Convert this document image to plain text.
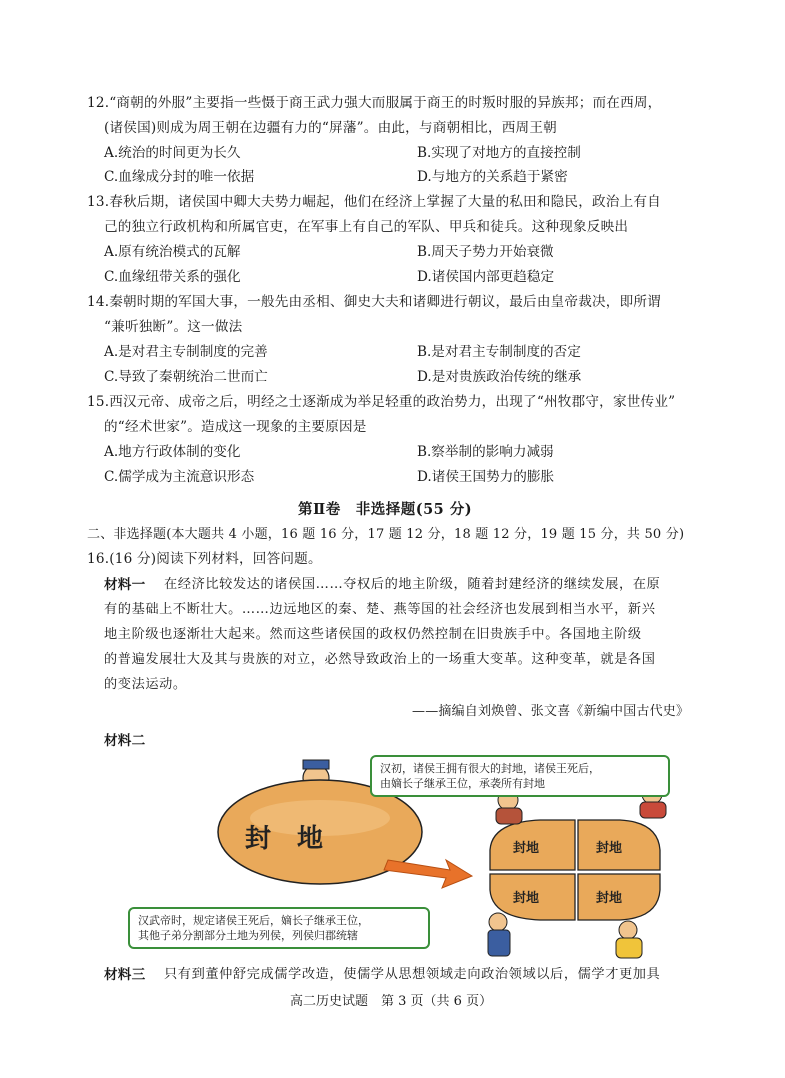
12.“商朝的外服”主要指一些慑于商王武力强大而服属于商王的时叛时服的异族邦；而在西周，
(诸侯国)则成为周王朝在边疆有力的“屏藩”。由此，与商朝相比，西周王朝
A.统治的时间更为长久	B.实现了对地方的直接控制
C.血缘成分封的唯一依据	D.与地方的关系趋于紧密
13.春秋后期，诸侯国中卿大夫势力崛起，他们在经济上掌握了大量的私田和隐民，政治上有自
己的独立行政机构和所属官吏，在军事上有自己的军队、甲兵和徒兵。这种现象反映出
A.原有统治模式的瓦解	B.周天子势力开始衰微
C.血缘纽带关系的强化	D.诸侯国内部更趋稳定
14.秦朝时期的军国大事，一般先由丞相、御史大夫和诸卿进行朝议，最后由皇帝裁决，即所谓
“兼听独断”。这一做法
A.是对君主专制制度的完善	B.是对君主专制制度的否定
C.导致了秦朝统治二世而亡	D.是对贵族政治传统的继承
15.西汉元帝、成帝之后，明经之士逐渐成为举足轻重的政治势力，出现了“州牧郡守，家世传业”
的“经术世家”。造成这一现象的主要原因是
A.地方行政体制的变化	B.察举制的影响力减弱
C.儒学成为主流意识形态	D.诸侯王国势力的膨胀
第Ⅱ卷　非选择题(55 分)
二、非选择题(本大题共 4 小题，16 题 16 分，17 题 12 分，18 题 12 分，19 题 15 分，共 50 分)
16.(16 分)阅读下列材料，回答问题。
材料一 在经济比较发达的诸侯国……夺权后的地主阶级，随着封建经济的继续发展，在原
有的基础上不断壮大。……边远地区的秦、楚、燕等国的社会经济也发展到相当水平，新兴
地主阶级也逐渐壮大起来。然而这些诸侯国的政权仍然控制在旧贵族手中。各国地主阶级
的普遍发展壮大及其与贵族的对立，必然导致政治上的一场重大变革。这种变革，就是各国
的变法运动。
——摘编自刘焕曾、张文喜《新编中国古代史》
材料二
封　地	封地	封地
封地	封地
汉初，诸侯王拥有很大的封地，诸侯王死后，
由嫡长子继承王位，承袭所有封地
汉武帝时，规定诸侯王死后，嫡长子继承王位，
其他子弟分割部分土地为列侯，列侯归郡统辖
材料三 只有到董仲舒完成儒学改造，使儒学从思想领域走向政治领域以后，儒学才更加具
高二历史试题　第 3 页（共 6 页）
